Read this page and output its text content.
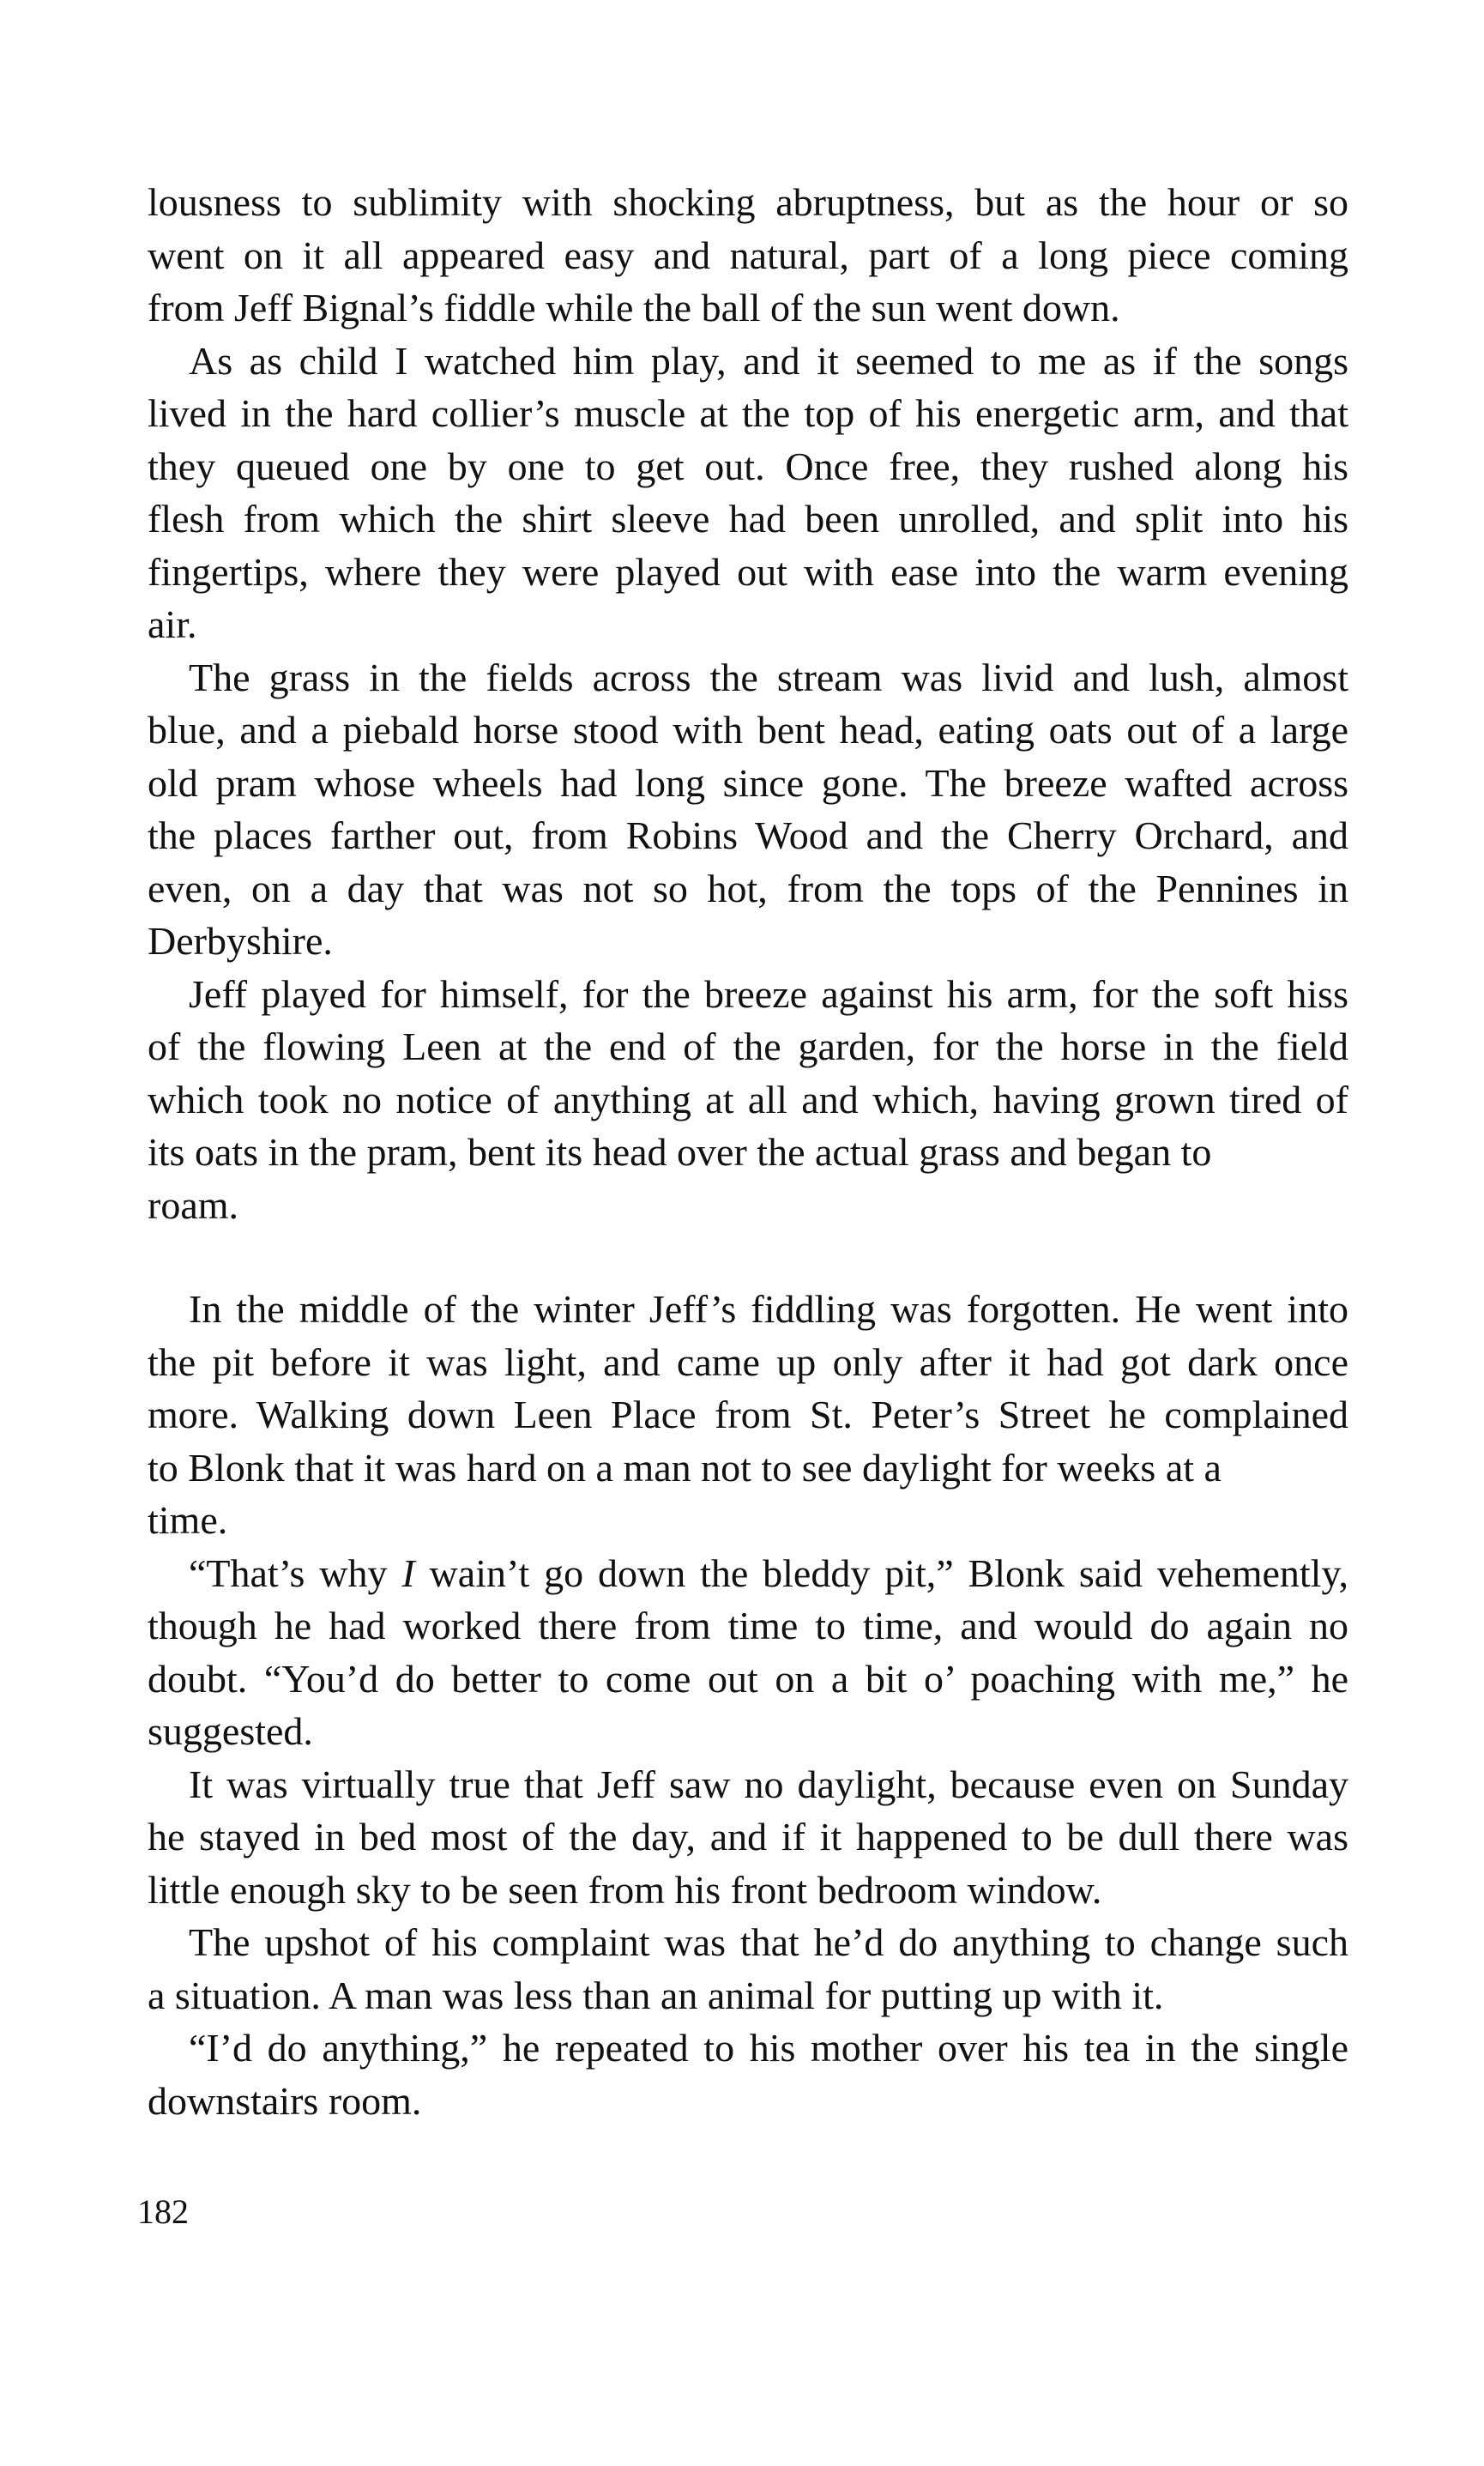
lousness to sublimity with shocking abruptness, but as the hour or so
went on it all appeared easy and natural, part of a long piece coming
from Jeff Bignal’s fiddle while the ball of the sun went down.
As as child I watched him play, and it seemed to me as if the songs
lived in the hard collier’s muscle at the top of his energetic arm, and that
they queued one by one to get out. Once free, they rushed along his
flesh from which the shirt sleeve had been unrolled, and split into his
fingertips, where they were played out with ease into the warm evening
air.
The grass in the fields across the stream was livid and lush, almost
blue, and a piebald horse stood with bent head, eating oats out of a large
old pram whose wheels had long since gone. The breeze wafted across
the places farther out, from Robins Wood and the Cherry Orchard, and
even, on a day that was not so hot, from the tops of the Pennines in
Derbyshire.
Jeff played for himself, for the breeze against his arm, for the soft hiss
of the flowing Leen at the end of the garden, for the horse in the field
which took no notice of anything at all and which, having grown tired of
its oats in the pram, bent its head over the actual grass and began to
roam.
In the middle of the winter Jeff’s fiddling was forgotten. He went into
the pit before it was light, and came up only after it had got dark once
more. Walking down Leen Place from St. Peter’s Street he complained
to Blonk that it was hard on a man not to see daylight for weeks at a
time.
“That’s why I wain’t go down the bleddy pit,” Blonk said vehemently,
though he had worked there from time to time, and would do again no
doubt. “You’d do better to come out on a bit o’ poaching with me,” he
suggested.
It was virtually true that Jeff saw no daylight, because even on Sunday
he stayed in bed most of the day, and if it happened to be dull there was
little enough sky to be seen from his front bedroom window.
The upshot of his complaint was that he’d do anything to change such
a situation. A man was less than an animal for putting up with it.
“I’d do anything,” he repeated to his mother over his tea in the single
downstairs room.
182
